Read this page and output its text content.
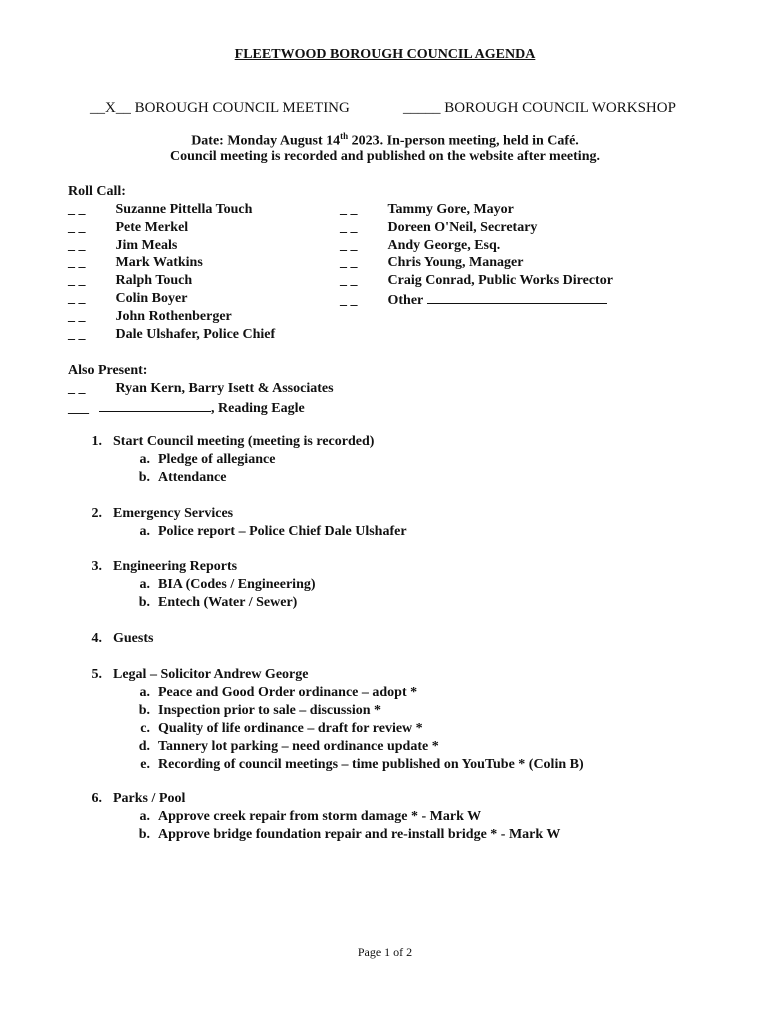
FLEETWOOD BOROUGH COUNCIL AGENDA
__X__ BOROUGH COUNCIL MEETING	_____ BOROUGH COUNCIL WORKSHOP
Date: Monday August 14th 2023. In-person meeting, held in Café.
Council meeting is recorded and published on the website after meeting.
Roll Call:
_ _ Suzanne Pittella Touch
_ _ Pete Merkel
_ _ Jim Meals
_ _ Mark Watkins
_ _ Ralph Touch
_ _ Colin Boyer
_ _ John Rothenberger
_ _ Dale Ulshafer, Police Chief
_ _ Tammy Gore, Mayor
_ _ Doreen O'Neil, Secretary
_ _ Andy George, Esq.
_ _ Chris Young, Manager
_ _ Craig Conrad, Public Works Director
_ _ Other
Also Present:
_ _ Ryan Kern, Barry Isett & Associates
___	, Reading Eagle
1. Start Council meeting (meeting is recorded)
a. Pledge of allegiance
b. Attendance
2. Emergency Services
a. Police report – Police Chief Dale Ulshafer
3. Engineering Reports
a. BIA (Codes / Engineering)
b. Entech (Water / Sewer)
4. Guests
5. Legal – Solicitor Andrew George
a. Peace and Good Order ordinance – adopt *
b. Inspection prior to sale – discussion *
c. Quality of life ordinance – draft for review *
d. Tannery lot parking – need ordinance update *
e. Recording of council meetings – time published on YouTube * (Colin B)
6. Parks / Pool
a. Approve creek repair from storm damage * - Mark W
b. Approve bridge foundation repair and re-install bridge * - Mark W
Page 1 of 2
